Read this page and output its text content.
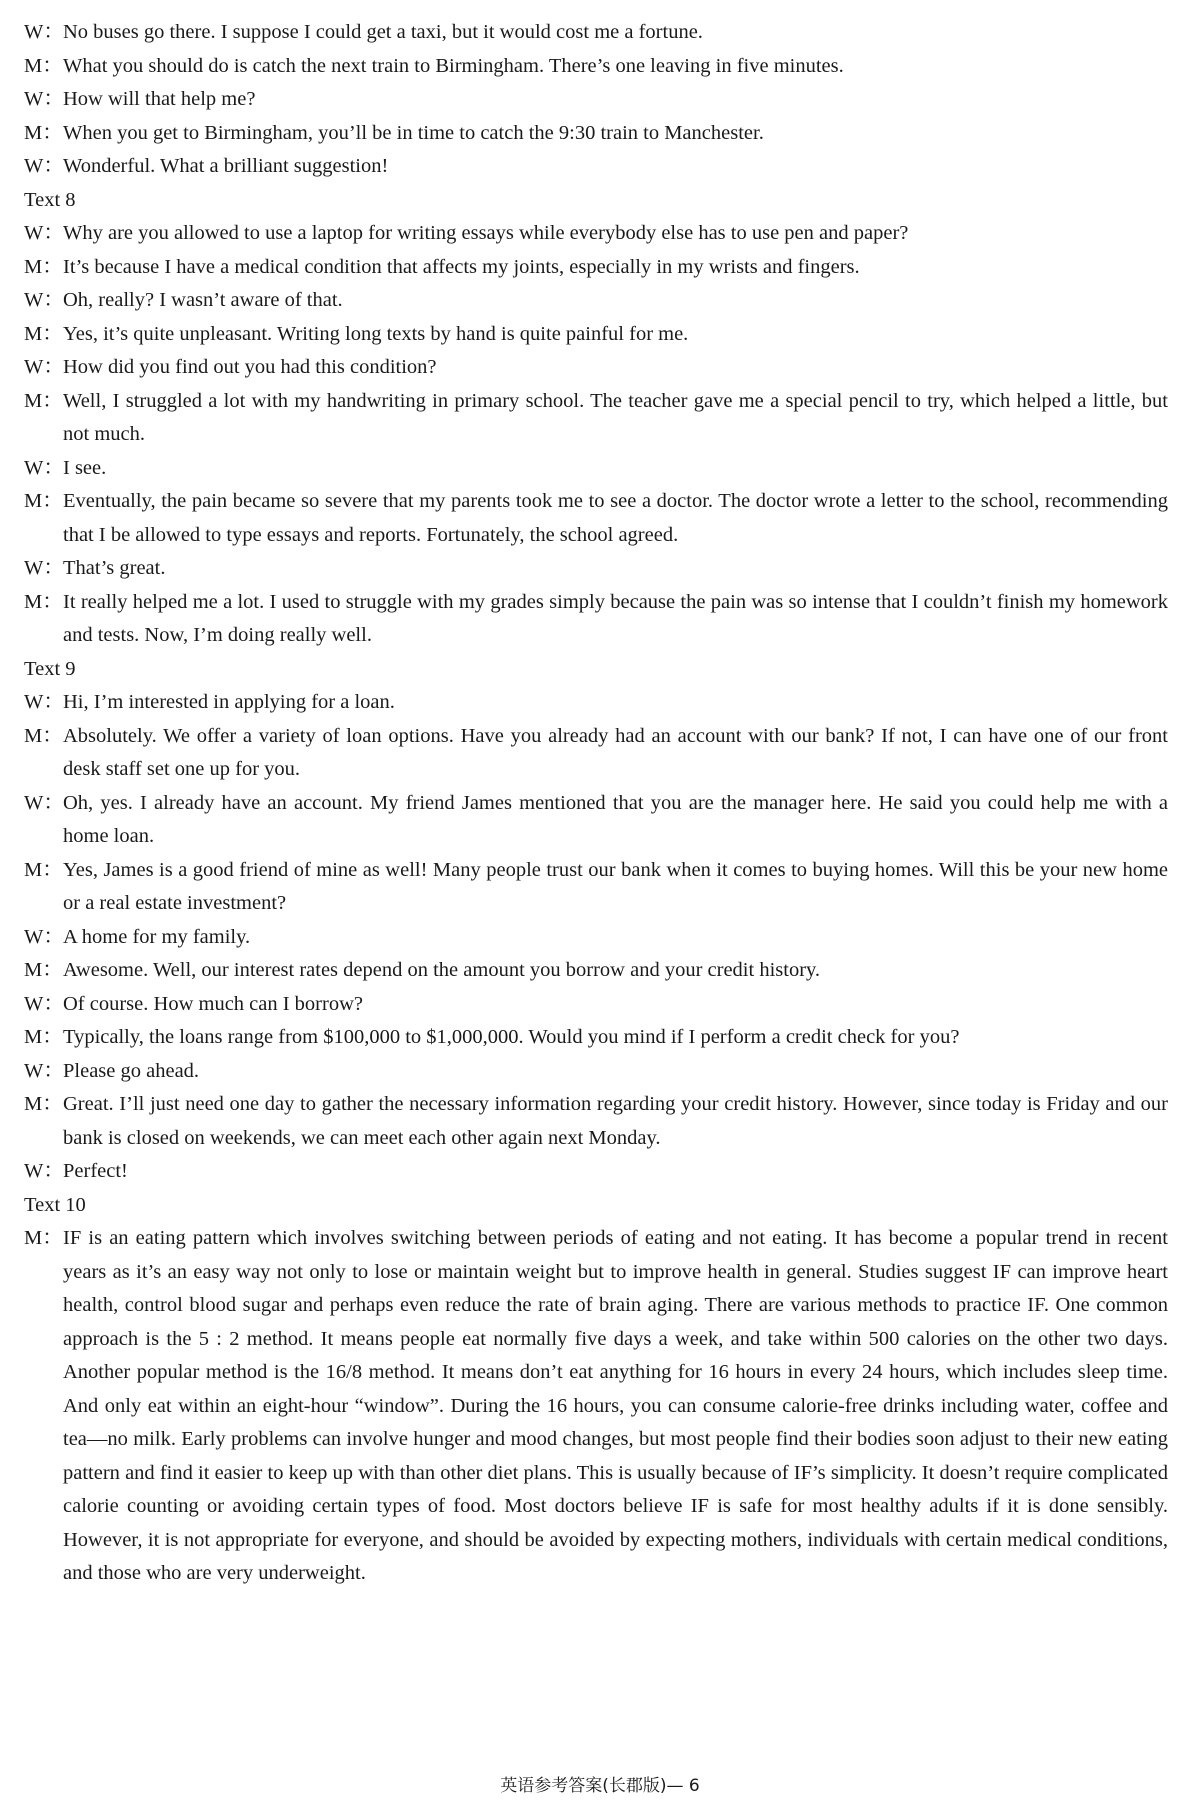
W：No buses go there. I suppose I could get a taxi, but it would cost me a fortune.
M：What you should do is catch the next train to Birmingham. There’s one leaving in five minutes.
W：How will that help me?
M：When you get to Birmingham, you’ll be in time to catch the 9:30 train to Manchester.
W：Wonderful. What a brilliant suggestion!
Text 8
W：Why are you allowed to use a laptop for writing essays while everybody else has to use pen and paper?
M：It’s because I have a medical condition that affects my joints, especially in my wrists and fingers.
W：Oh, really? I wasn’t aware of that.
M：Yes, it’s quite unpleasant. Writing long texts by hand is quite painful for me.
W：How did you find out you had this condition?
M：Well, I struggled a lot with my handwriting in primary school. The teacher gave me a special pencil to try, which helped a little, but not much.
W：I see.
M：Eventually, the pain became so severe that my parents took me to see a doctor. The doctor wrote a letter to the school, recommending that I be allowed to type essays and reports. Fortunately, the school agreed.
W：That’s great.
M：It really helped me a lot. I used to struggle with my grades simply because the pain was so intense that I couldn’t finish my homework and tests. Now, I’m doing really well.
Text 9
W：Hi, I’m interested in applying for a loan.
M：Absolutely. We offer a variety of loan options. Have you already had an account with our bank? If not, I can have one of our front desk staff set one up for you.
W：Oh, yes. I already have an account. My friend James mentioned that you are the manager here. He said you could help me with a home loan.
M：Yes, James is a good friend of mine as well! Many people trust our bank when it comes to buying homes. Will this be your new home or a real estate investment?
W：A home for my family.
M：Awesome. Well, our interest rates depend on the amount you borrow and your credit history.
W：Of course. How much can I borrow?
M：Typically, the loans range from $100,000 to $1,000,000. Would you mind if I perform a credit check for you?
W：Please go ahead.
M：Great. I’ll just need one day to gather the necessary information regarding your credit history. However, since today is Friday and our bank is closed on weekends, we can meet each other again next Monday.
W：Perfect!
Text 10
M：IF is an eating pattern which involves switching between periods of eating and not eating. It has become a popular trend in recent years as it’s an easy way not only to lose or maintain weight but to improve health in general. Studies suggest IF can improve heart health, control blood sugar and perhaps even reduce the rate of brain aging. There are various methods to practice IF. One common approach is the 5 : 2 method. It means people eat normally five days a week, and take within 500 calories on the other two days. Another popular method is the 16/8 method. It means don’t eat anything for 16 hours in every 24 hours, which includes sleep time. And only eat within an eight-hour “window”. During the 16 hours, you can consume calorie-free drinks including water, coffee and tea—no milk. Early problems can involve hunger and mood changes, but most people find their bodies soon adjust to their new eating pattern and find it easier to keep up with than other diet plans. This is usually because of IF’s simplicity. It doesn’t require complicated calorie counting or avoiding certain types of food. Most doctors believe IF is safe for most healthy adults if it is done sensibly. However, it is not appropriate for everyone, and should be avoided by expecting mothers, individuals with certain medical conditions, and those who are very underweight.
英语参考答案(长郡版)— 6
